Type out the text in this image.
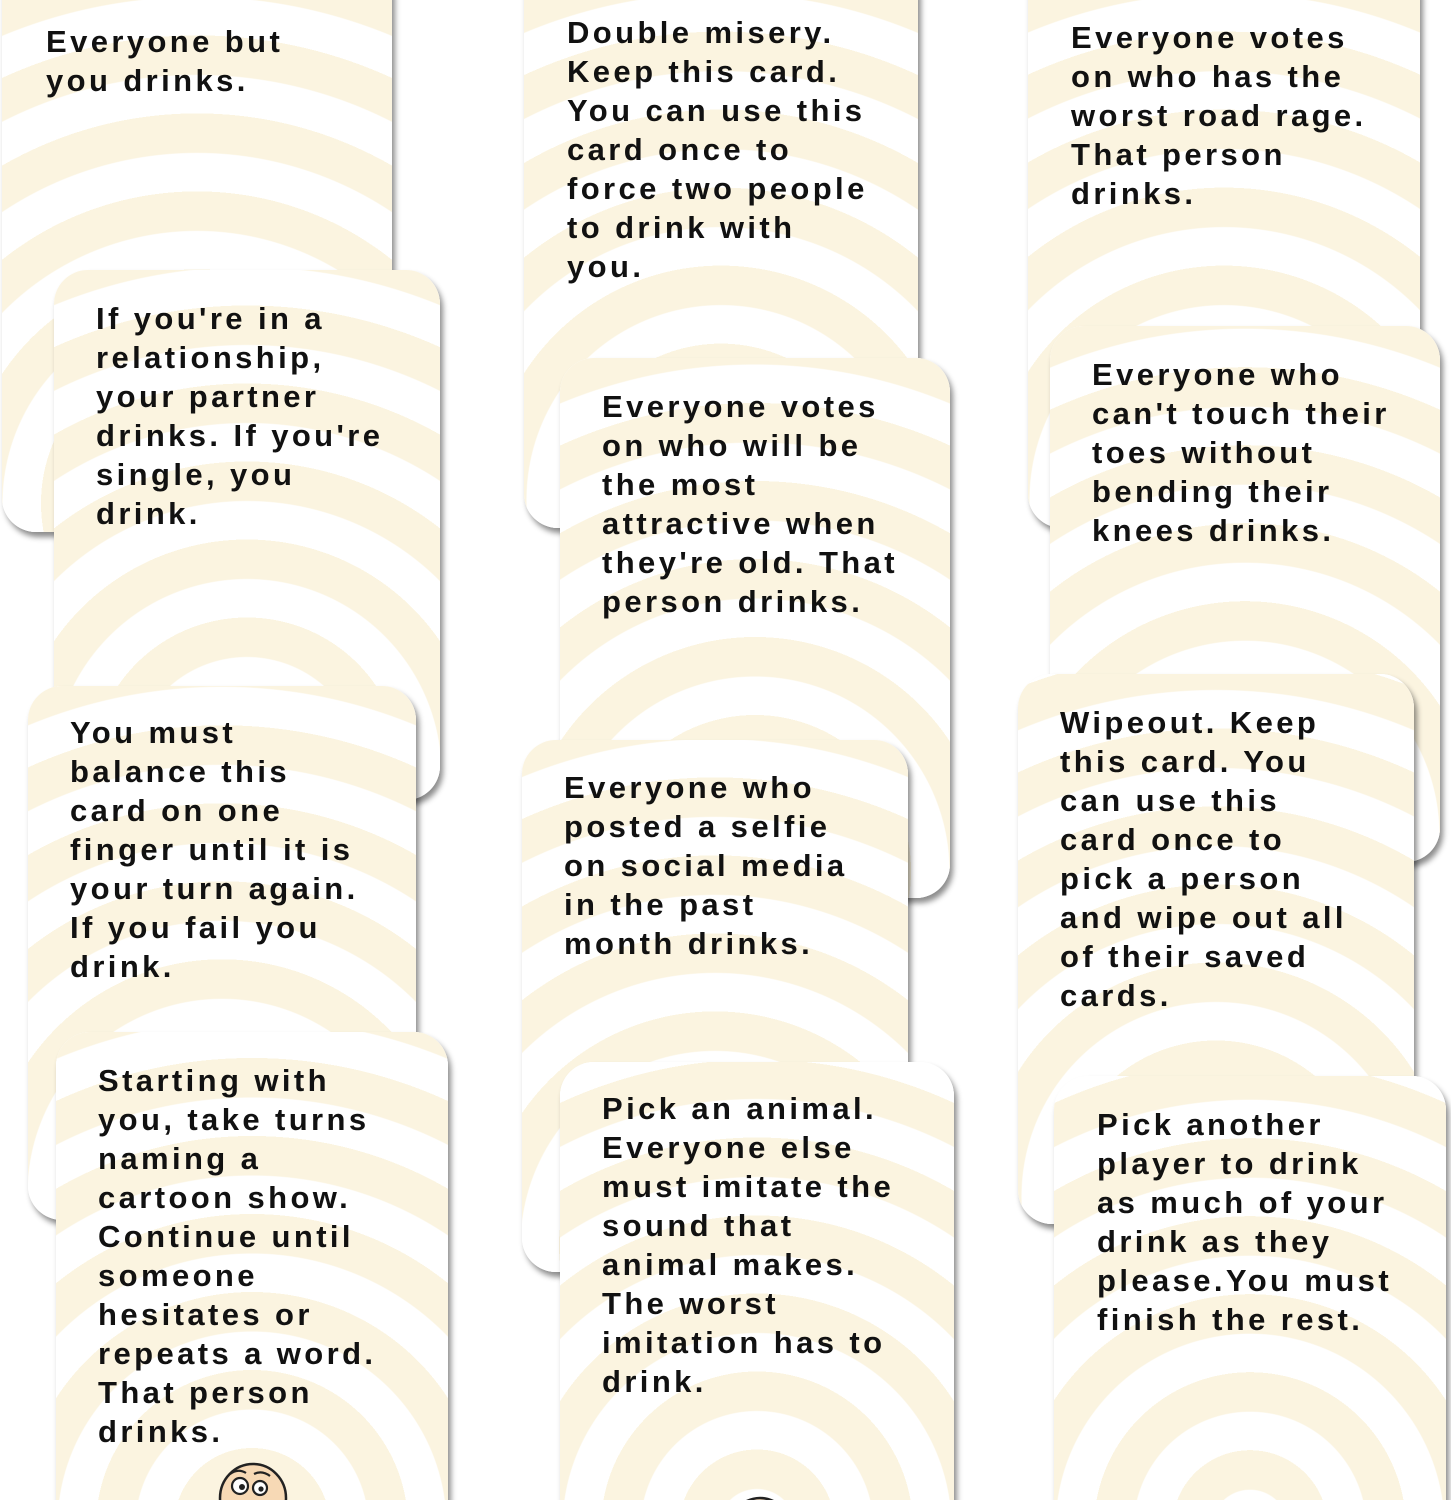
Everyone but
you drinks.

If you're in a
relationship,
your partner
drinks. If you're
single, you
drink.

You must
balance this
card on one
finger until it is
your turn again.
If you fail you
drink.

Starting with
you, take turns
naming a
cartoon show.
Continue until
someone
hesitates or
repeats a word.
That person
drinks.

Double misery.
Keep this card.
You can use this
card once to
force two people
to drink with
you.

Everyone votes
on who will be
the most
attractive when
they're old. That
person drinks.

Everyone who
posted a selfie
on social media
in the past
month drinks.

Pick an animal.
Everyone else
must imitate the
sound that
animal makes.
The worst
imitation has to
drink.

Everyone votes
on who has the
worst road rage.
That person
drinks.

Everyone who
can't touch their
toes without
bending their
knees drinks.

Wipeout. Keep
this card. You
can use this
card once to
pick a person
and wipe out all
of their saved
cards.

Pick another
player to drink
as much of your
drink as they
please.You must
finish the rest.
